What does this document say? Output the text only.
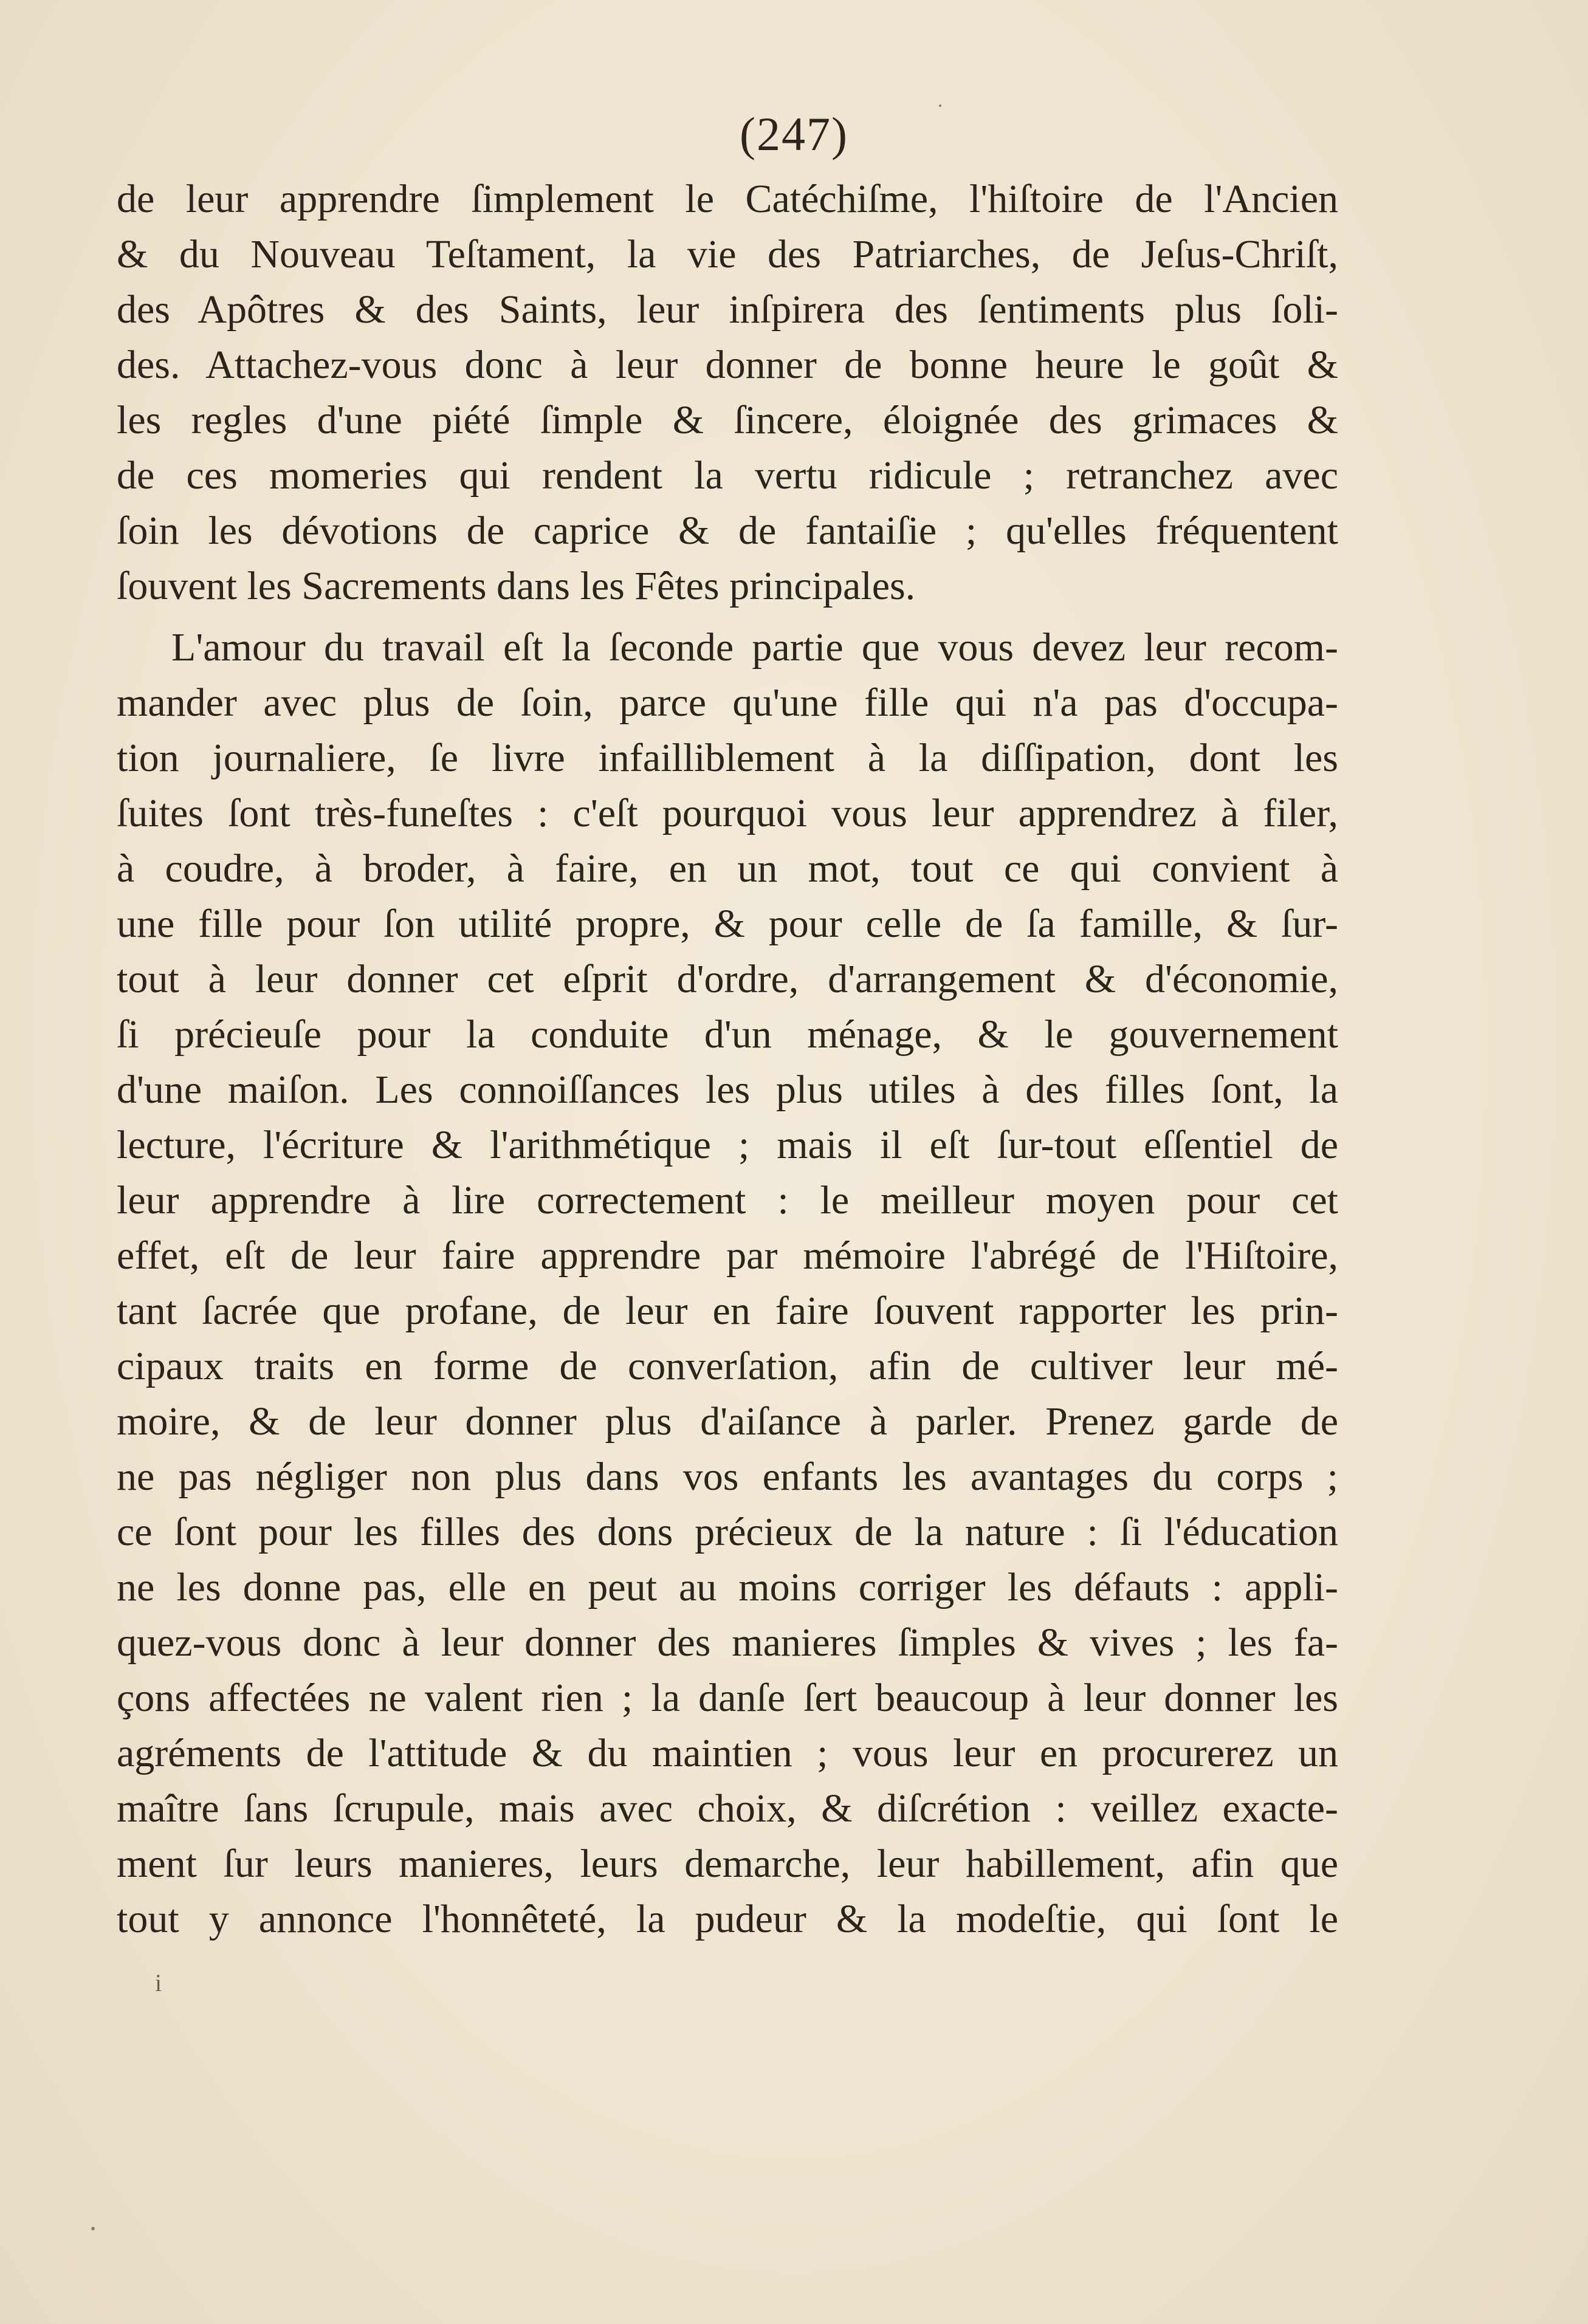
(247)
de leur apprendre ſimplement le Catéchiſme, l'hiſtoire de l'Ancien
& du Nouveau Teſtament, la vie des Patriarches, de Jeſus-Chriſt,
des Apôtres & des Saints, leur inſpirera des ſentiments plus ſoli-
des. Attachez-vous donc à leur donner de bonne heure le goût &
les regles d'une piété ſimple & ſincere, éloignée des grimaces &
de ces momeries qui rendent la vertu ridicule ; retranchez avec
ſoin les dévotions de caprice & de fantaiſie ; qu'elles fréquentent
ſouvent les Sacrements dans les Fêtes principales.
L'amour du travail eſt la ſeconde partie que vous devez leur recom-
mander avec plus de ſoin, parce qu'une fille qui n'a pas d'occupa-
tion journaliere, ſe livre infailliblement à la diſſipation, dont les
ſuites ſont très-funeſtes : c'eſt pourquoi vous leur apprendrez à filer,
à coudre, à broder, à faire, en un mot, tout ce qui convient à
une fille pour ſon utilité propre, & pour celle de ſa famille, & ſur-
tout à leur donner cet eſprit d'ordre, d'arrangement & d'économie,
ſi précieuſe pour la conduite d'un ménage, & le gouvernement
d'une maiſon. Les connoiſſances les plus utiles à des filles ſont, la
lecture, l'écriture & l'arithmétique ; mais il eſt ſur-tout eſſentiel de
leur apprendre à lire correctement : le meilleur moyen pour cet
effet, eſt de leur faire apprendre par mémoire l'abrégé de l'Hiſtoire,
tant ſacrée que profane, de leur en faire ſouvent rapporter les prin-
cipaux traits en forme de converſation, afin de cultiver leur mé-
moire, & de leur donner plus d'aiſance à parler. Prenez garde de
ne pas négliger non plus dans vos enfants les avantages du corps ;
ce ſont pour les filles des dons précieux de la nature : ſi l'éducation
ne les donne pas, elle en peut au moins corriger les défauts : appli-
quez-vous donc à leur donner des manieres ſimples & vives ; les fa-
çons affectées ne valent rien ; la danſe ſert beaucoup à leur donner les
agréments de l'attitude & du maintien ; vous leur en procurerez un
maître ſans ſcrupule, mais avec choix, & diſcrétion : veillez exacte-
ment ſur leurs manieres, leurs demarche, leur habillement, afin que
tout y annonce l'honnêteté, la pudeur & la modeſtie, qui ſont le
i
